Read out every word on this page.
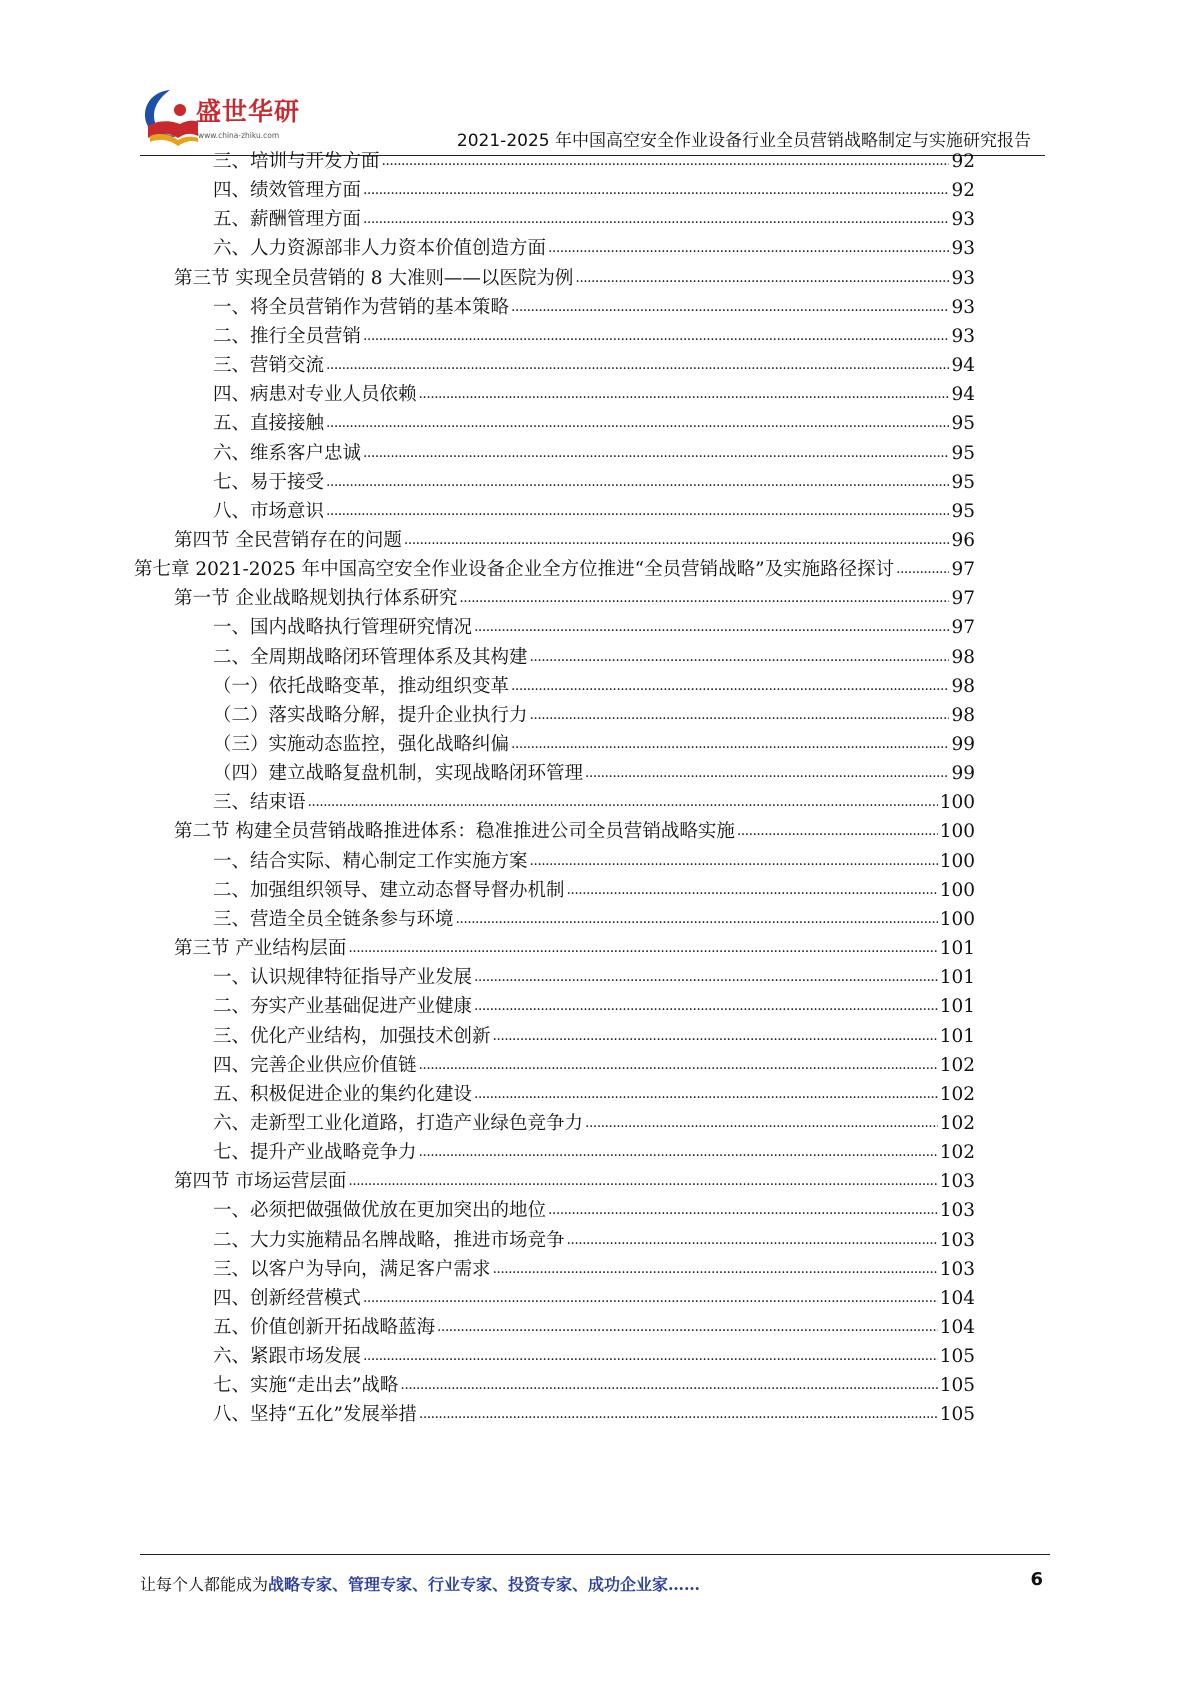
盛世华研
www.china-zhiku.com	2021-2025 年中国高空安全作业设备行业全员营销战略制定与实施研究报告
三、培训与开发方面 . . .	92
四、绩效管理方面 . . .	92
五、薪酬管理方面 . . .	93
六、人力资源部非人力资本价值创造方面 . . .	93
第三节 实现全员营销的 8 大准则——以医院为例 . . .	93
一、将全员营销作为营销的基本策略 . . .	93
二、推行全员营销 . . .	93
三、营销交流 . . .	94
四、病患对专业人员依赖 . . .	94
五、直接接触 . . .	95
六、维系客户忠诚 . . .	95
七、易于接受 . . .	95
八、市场意识 . . .	95
第四节 全民营销存在的问题 . . .	96
第七章 2021-2025 年中国高空安全作业设备企业全方位推进“全员营销战略”及实施路径探讨 . . .	97
第一节 企业战略规划执行体系研究 . . .	97
一、国内战略执行管理研究情况 . . .	97
二、全周期战略闭环管理体系及其构建 . . .	98
（一）依托战略变革，推动组织变革 . . .	98
（二）落实战略分解，提升企业执行力 . . .	98
（三）实施动态监控，强化战略纠偏 . . .	99
（四）建立战略复盘机制，实现战略闭环管理 . . .	99
三、结束语 . . .	100
第二节 构建全员营销战略推进体系：稳准推进公司全员营销战略实施 . . .	100
一、结合实际、精心制定工作实施方案 . . .	100
二、加强组织领导、建立动态督导督办机制 . . .	100
三、营造全员全链条参与环境 . . .	100
第三节 产业结构层面 . . .	101
一、认识规律特征指导产业发展 . . .	101
二、夯实产业基础促进产业健康 . . .	101
三、优化产业结构，加强技术创新 . . .	101
四、完善企业供应价值链 . . .	102
五、积极促进企业的集约化建设 . . .	102
六、走新型工业化道路，打造产业绿色竞争力 . . .	102
七、提升产业战略竞争力 . . .	102
第四节 市场运营层面 . . .	103
一、必须把做强做优放在更加突出的地位 . . .	103
二、大力实施精品名牌战略，推进市场竞争 . . .	103
三、以客户为导向，满足客户需求 . . .	103
四、创新经营模式 . . .	104
五、价值创新开拓战略蓝海 . . .	104
六、紧跟市场发展 . . .	105
七、实施“走出去”战略 . . .	105
八、坚持“五化”发展举措 . . .	105
让每个人都能成为战略专家、管理专家、行业专家、投资专家、成功企业家……	6
